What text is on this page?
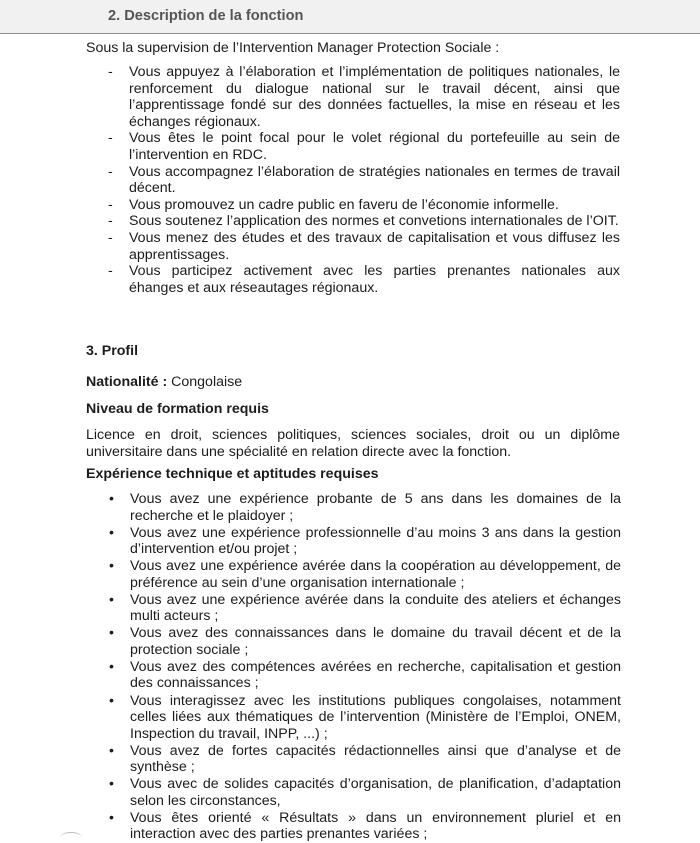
2. Description de la fonction
Sous la supervision de l’Intervention Manager Protection Sociale :
- Vous appuyez à l’élaboration et l’implémentation de politiques nationales, le renforcement du dialogue national sur le travail décent, ainsi que l’apprentissage fondé sur des données factuelles, la mise en réseau et les échanges régionaux.
- Vous êtes le point focal pour le volet régional du portefeuille au sein de l’intervention en RDC.
- Vous accompagnez l’élaboration de stratégies nationales en termes de travail décent.
- Vous promouvez un cadre public en faveru de l’économie informelle.
- Sous soutenez l’application des normes et convetions internationales de l’OIT.
- Vous menez des études et des travaux de capitalisation et vous diffusez les apprentissages.
- Vous participez activement avec les parties prenantes nationales aux éhanges et aux réseautages régionaux.
3. Profil
Nationalité : Congolaise
Niveau de formation requis
Licence en droit, sciences politiques, sciences sociales, droit ou un diplôme universitaire dans une spécialité en relation directe avec la fonction.
Expérience technique et aptitudes requises
• Vous avez une expérience probante de 5 ans dans les domaines de la recherche et le plaidoyer ;
• Vous avez une expérience professionnelle d’au moins 3 ans dans la gestion d’intervention et/ou projet ;
• Vous avez une expérience avérée dans la coopération au développement, de préférence au sein d’une organisation internationale ;
• Vous avez une expérience avérée dans la conduite des ateliers et échanges multi acteurs ;
• Vous avez des connaissances dans le domaine du travail décent et de la protection sociale ;
• Vous avez des compétences avérées en recherche, capitalisation et gestion des connaissances ;
• Vous interagissez avec les institutions publiques congolaises, notamment celles liées aux thématiques de l’intervention (Ministère de l’Emploi, ONEM, Inspection du travail, INPP, ...) ;
• Vous avez de fortes capacités rédactionnelles ainsi que d’analyse et de synthèse ;
• Vous avec de solides capacités d’organisation, de planification, d’adaptation selon les circonstances,
• Vous êtes orienté « Résultats » dans un environnement pluriel et en interaction avec des parties prenantes variées ;
